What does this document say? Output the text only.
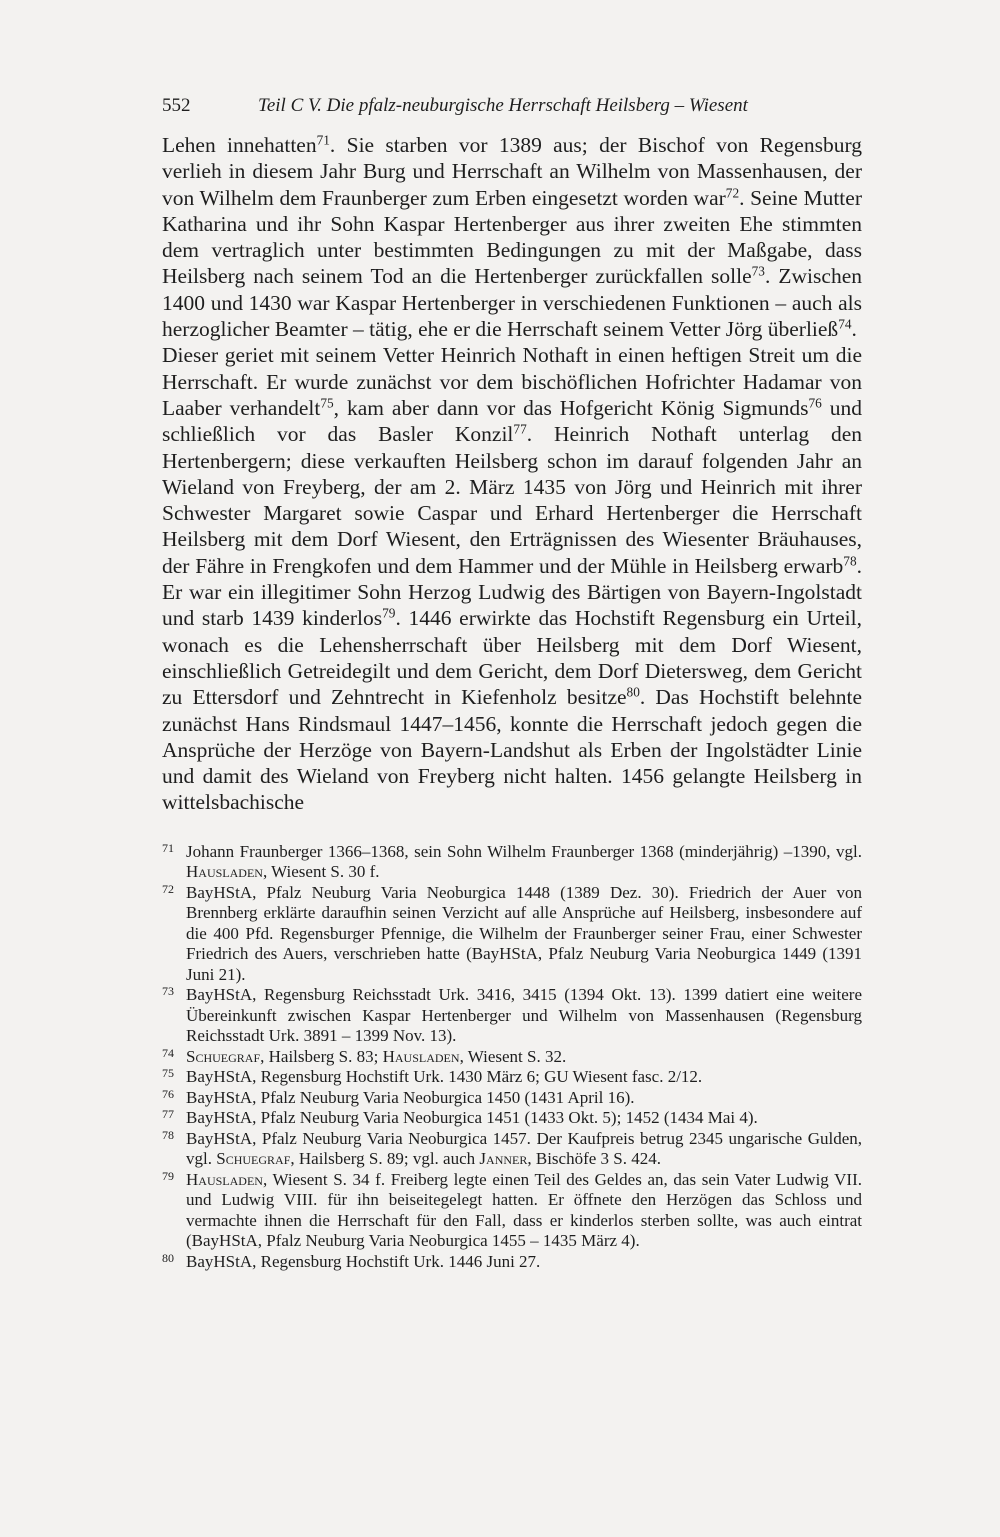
552	Teil C V. Die pfalz-neuburgische Herrschaft Heilsberg – Wiesent

Lehen innehatten$^{71}$. Sie starben vor 1389 aus; der Bischof von Regensburg verlieh in diesem Jahr Burg und Herrschaft an Wilhelm von Massenhausen, der von Wilhelm dem Fraunberger zum Erben eingesetzt worden war$^{72}$. Seine Mutter Katharina und ihr Sohn Kaspar Hertenberger aus ihrer zweiten Ehe stimmten dem vertraglich unter bestimmten Bedingungen zu mit der Maßgabe, dass Heilsberg nach seinem Tod an die Hertenberger zurückfallen solle$^{73}$. Zwischen 1400 und 1430 war Kaspar Hertenberger in verschiedenen Funktionen – auch als herzoglicher Beamter – tätig, ehe er die Herrschaft seinem Vetter Jörg überließ$^{74}$.

Dieser geriet mit seinem Vetter Heinrich Nothaft in einen heftigen Streit um die Herrschaft. Er wurde zunächst vor dem bischöflichen Hofrichter Hadamar von Laaber verhandelt$^{75}$, kam aber dann vor das Hofgericht König Sigmunds$^{76}$ und schließlich vor das Basler Konzil$^{77}$. Heinrich Nothaft unterlag den Hertenbergern; diese verkauften Heilsberg schon im darauf folgenden Jahr an Wieland von Freyberg, der am 2. März 1435 von Jörg und Heinrich mit ihrer Schwester Margaret sowie Caspar und Erhard Hertenberger die Herrschaft Heilsberg mit dem Dorf Wiesent, den Erträgnissen des Wiesenter Bräuhauses, der Fähre in Frengkofen und dem Hammer und der Mühle in Heilsberg erwarb$^{78}$. Er war ein illegitimer Sohn Herzog Ludwig des Bärtigen von Bayern-Ingolstadt und starb 1439 kinderlos$^{79}$. 1446 erwirkte das Hochstift Regensburg ein Urteil, wonach es die Lehensherrschaft über Heilsberg mit dem Dorf Wiesent, einschließlich Getreidegilt und dem Gericht, dem Dorf Dietersweg, dem Gericht zu Ettersdorf und Zehntrecht in Kiefenholz besitze$^{80}$. Das Hochstift belehnte zunächst Hans Rindsmaul 1447–1456, konnte die Herrschaft jedoch gegen die Ansprüche der Herzöge von Bayern-Landshut als Erben der Ingolstädter Linie und damit des Wieland von Freyberg nicht halten. 1456 gelangte Heilsberg in wittelsbachische

71 Johann Fraunberger 1366–1368, sein Sohn Wilhelm Fraunberger 1368 (minderjährig) –1390, vgl. Hausladen, Wiesent S. 30 f.

72 BayHStA, Pfalz Neuburg Varia Neoburgica 1448 (1389 Dez. 30). Friedrich der Auer von Brennberg erklärte daraufhin seinen Verzicht auf alle Ansprüche auf Heilsberg, insbesondere auf die 400 Pfd. Regensburger Pfennige, die Wilhelm der Fraunberger seiner Frau, einer Schwester Friedrich des Auers, verschrieben hatte (BayHStA, Pfalz Neuburg Varia Neoburgica 1449 (1391 Juni 21).

73 BayHStA, Regensburg Reichsstadt Urk. 3416, 3415 (1394 Okt. 13). 1399 datiert eine weitere Übereinkunft zwischen Kaspar Hertenberger und Wilhelm von Massenhausen (Regensburg Reichsstadt Urk. 3891 – 1399 Nov. 13).

74 Schuegraf, Hailsberg S. 83; Hausladen, Wiesent S. 32.

75 BayHStA, Regensburg Hochstift Urk. 1430 März 6; GU Wiesent fasc. 2/12.

76 BayHStA, Pfalz Neuburg Varia Neoburgica 1450 (1431 April 16).

77 BayHStA, Pfalz Neuburg Varia Neoburgica 1451 (1433 Okt. 5); 1452 (1434 Mai 4).

78 BayHStA, Pfalz Neuburg Varia Neoburgica 1457. Der Kaufpreis betrug 2345 ungarische Gulden, vgl. Schuegraf, Hailsberg S. 89; vgl. auch Janner, Bischöfe 3 S. 424.

79 Hausladen, Wiesent S. 34 f. Freiberg legte einen Teil des Geldes an, das sein Vater Ludwig VII. und Ludwig VIII. für ihn beiseitegelegt hatten. Er öffnete den Herzögen das Schloss und vermachte ihnen die Herrschaft für den Fall, dass er kinderlos sterben sollte, was auch eintrat (BayHStA, Pfalz Neuburg Varia Neoburgica 1455 – 1435 März 4).

80 BayHStA, Regensburg Hochstift Urk. 1446 Juni 27.
